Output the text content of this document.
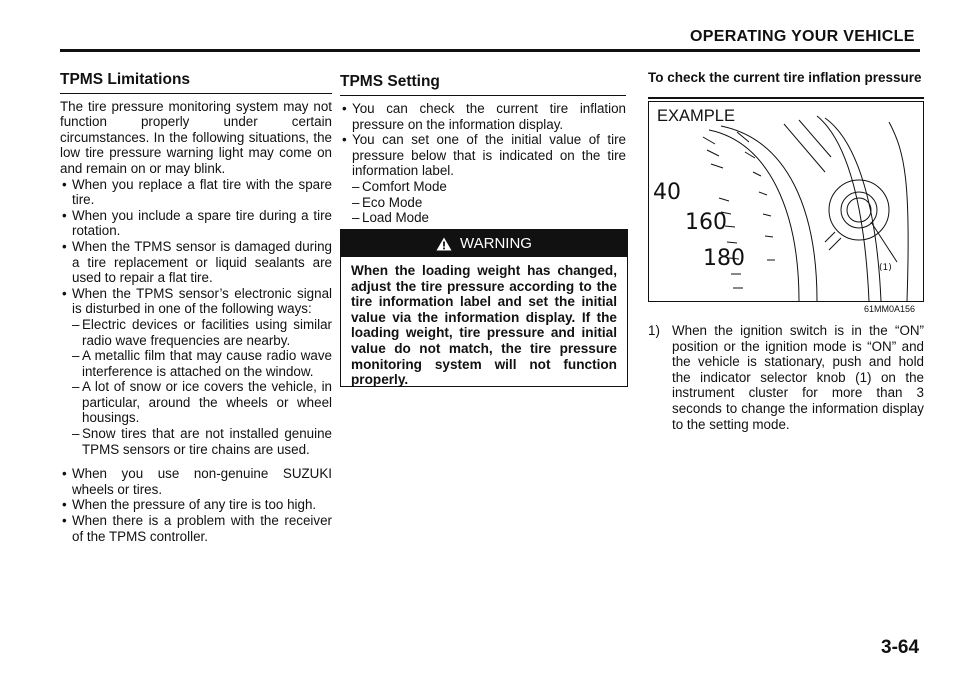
OPERATING YOUR VEHICLE
TPMS Limitations

The tire pressure monitoring system may not function properly under certain circumstances. In the following situations, the low tire pressure warning light may come on and remain on or may blink.

• When you replace a flat tire with the spare tire.

• When you include a spare tire during a tire rotation.

• When the TPMS sensor is damaged during a tire replacement or liquid sealants are used to repair a flat tire.

• When the TPMS sensor’s electronic signal is disturbed in one of the following ways:

– Electric devices or facilities using similar radio wave frequencies are nearby.

– A metallic film that may cause radio wave interference is attached on the window.

– A lot of snow or ice covers the vehicle, in particular, around the wheels or wheel housings.

– Snow tires that are not installed genuine TPMS sensors or tire chains are used.

• When you use non-genuine SUZUKI wheels or tires.

• When the pressure of any tire is too high.

• When there is a problem with the receiver of the TPMS controller.

TPMS Setting

• You can check the current tire inflation pressure on the information display.

• You can set one of the initial value of tire pressure below that is indicated on the tire information label.

– Comfort Mode

– Eco Mode

– Load Mode

WARNING
When the loading weight has changed, adjust the tire pressure according to the tire information label and set the initial value via the information display. If the loading weight, tire pressure and initial value do not match, the tire pressure monitoring system will not function properly.
To check the current tire inflation pressure
EXAMPLE
40
160
180	(1)
61MM0A156
1) When the ignition switch is in the “ON” position or the ignition mode is “ON” and the vehicle is stationary, push and hold the indicator selector knob (1) on the instrument cluster for more than 3 seconds to change the information display to the setting mode.
3-64
